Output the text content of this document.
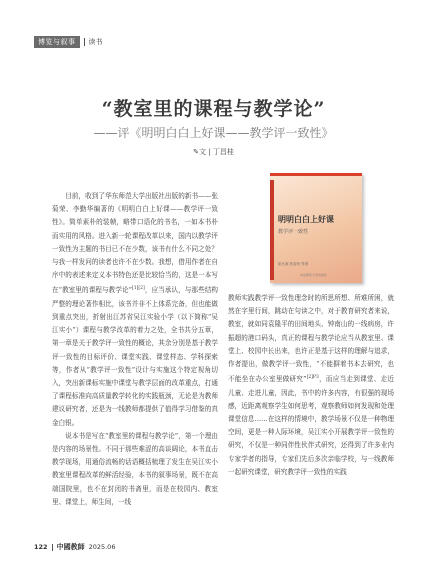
博览与叙事	读书
“教室里的课程与教学论”
——评《明明白白上好课——教学评一致性》
✎文 | 丁昌桂

目前，收到了华东师范大学出版社出版的新书——张菊荣、李勤华编著的《明明白白上好课——教学评一致性》。简单素朴的装帧，略带口语化的书名，一如本书朴而实用的风格。进入新一轮课程改革以来，国内以教学评一致性为主题的书目已不在少数，该书有什么不同之处？与我一样发问的读者也许不在少数。我想，借用作者在自序中的表述来定义本书特色还是比较恰当的，这是一本写在“教室里的课程与教学论”[1][2]，应当承认，与那些结构严整的理论著作相比，该书并非不上体系完备，但也能做到重点突出，折射出江苏省吴江实验小学（以下简称“吴江实小”）课程与教学改革的着力之处，全书共分五章，第一章是关于教学评一致性的概论，其余分别是基于教学评一致性的目标评价、课堂实践、课堂样态、学科探索等，作者从“教学评一致性”设计与实施这个特定视角切入，突出新课标实施中课堂与教学层面的改革重点，打通了课程标准向高质量教学转化的实践瓶颈，无论是为教师建议研究者，还是为一线教师都提供了值得学习借鉴的真金白银。

说本书是写在“教室里的课程与教学论”，第一个理由是内容的场景性。不同于那些难涩的高谈阔论，本书直击教学现场，用通俗流畅的话语概括梳理了发生在吴江实小教室里课程改革的鲜活经验，本书的叙事场景，既不在高端国院里，也不在封闭的书斋里，而是在校园内、教室里、课堂上，师生间，一线

明明白白上好课
教学评一致性
崔允漷 张菊荣 等著
华东师范大学出版社

教师实践教学评一致性理念时的所思所想、所难所困，就然在字里行间，跳动在句读之中，对于教育研究者来说，教室，就如同袁隆平的田间地头、钟南山的一线病房，许振超的港口码头，真正的课程与教学论应当从教室里、课堂上、校园中长出来，也许正是基于这样的理解与追求，作者提出，做教学评一致性，“不能摒着书本去研究，也不能坐在办公室里做研究”$^{[2]P3}$，而应当走到课堂、走近儿童、走进儿童，因此，书中的许多内容，有很强的现场感，近距离观察学生如何思考，观察教师如何发现和处理课堂信息……在这样的情境中，教学场景不仅是一种物理空间，更是一种人际环境，吴江实小开展教学评一致性的研究，不仅是一种同伴性伙伴式研究，还得到了许多业内专家学者的指导，专家们先后多次亲临学校，与一线教师一起研究课堂，研究教学评一致性的实践

122 中國教師 2025.06
